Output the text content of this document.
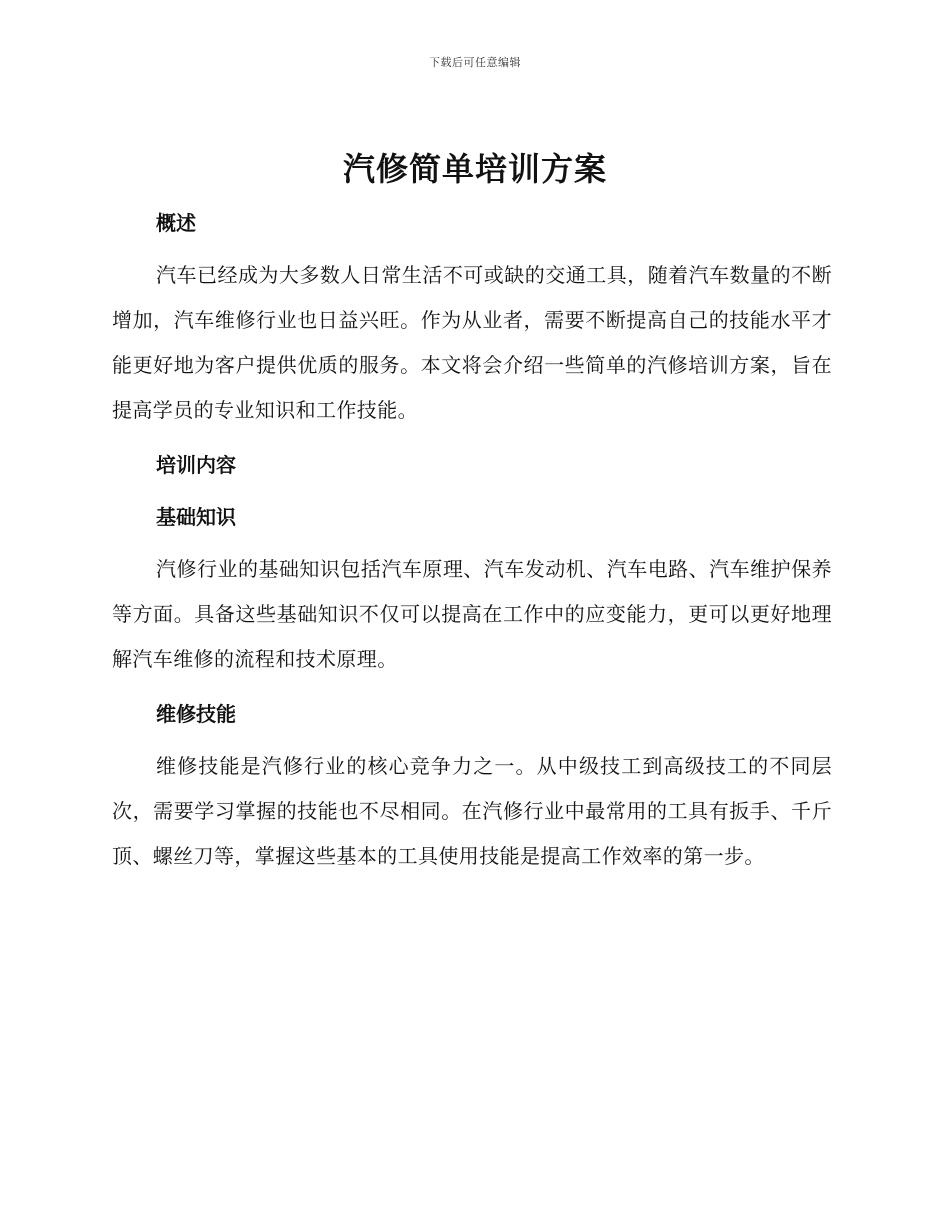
下载后可任意编辑
汽修简单培训方案
概述

汽车已经成为大多数人日常生活不可或缺的交通工具，随着汽车数量的不断增加，汽车维修行业也日益兴旺。作为从业者，需要不断提高自己的技能水平才能更好地为客户提供优质的服务。本文将会介绍一些简单的汽修培训方案，旨在提高学员的专业知识和工作技能。

培训内容
基础知识

汽修行业的基础知识包括汽车原理、汽车发动机、汽车电路、汽车维护保养等方面。具备这些基础知识不仅可以提高在工作中的应变能力，更可以更好地理解汽车维修的流程和技术原理。

维修技能

维修技能是汽修行业的核心竞争力之一。从中级技工到高级技工的不同层次，需要学习掌握的技能也不尽相同。在汽修行业中最常用的工具有扳手、千斤顶、螺丝刀等，掌握这些基本的工具使用技能是提高工作效率的第一步。
